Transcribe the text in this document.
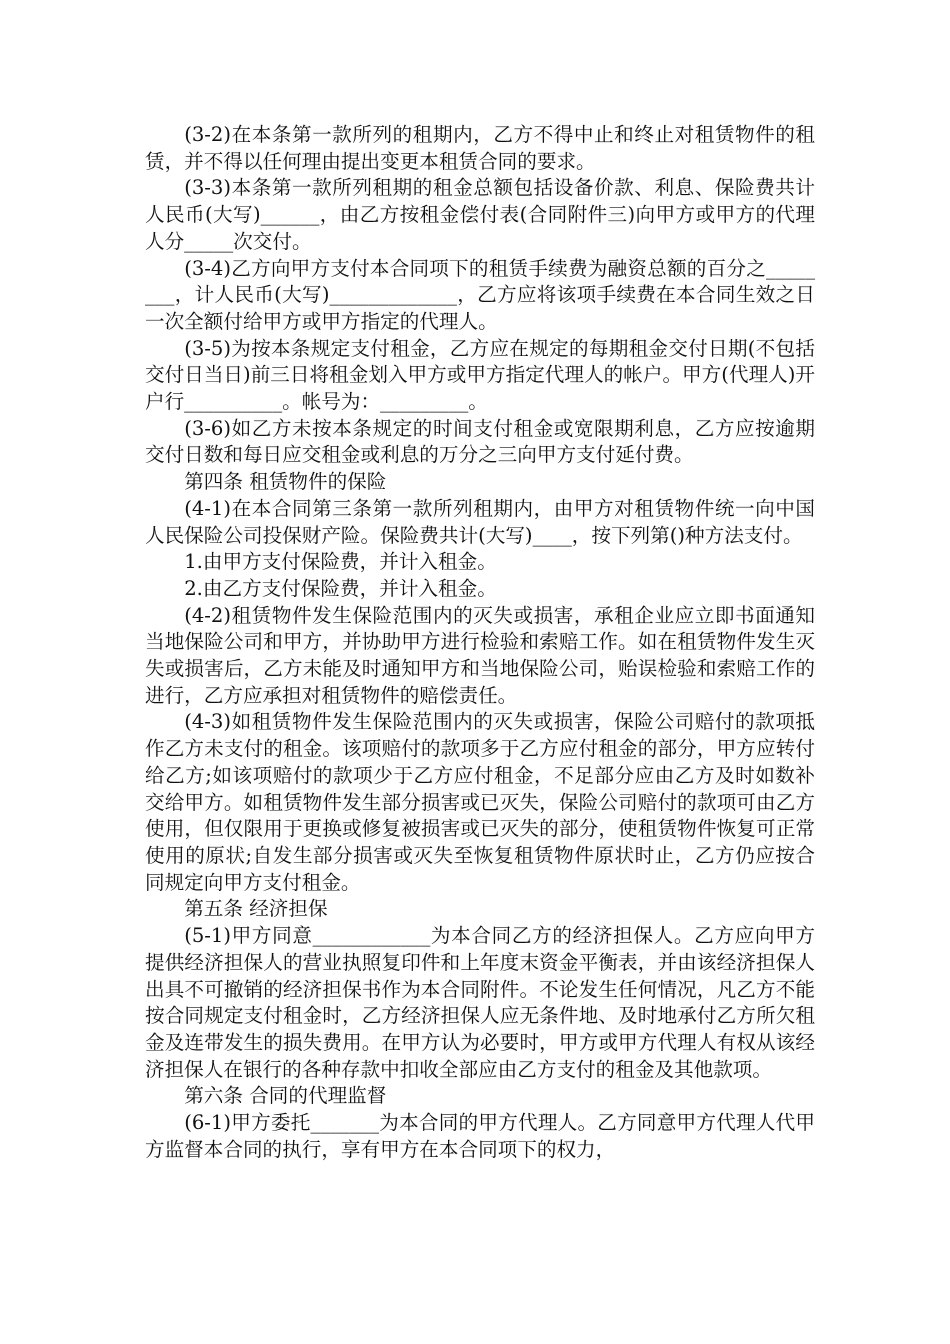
(3-2)在本条第一款所列的租期内，乙方不得中止和终止对租赁物件的租赁，并不得以任何理由提出变更本租赁合同的要求。

(3-3)本条第一款所列租期的租金总额包括设备价款、利息、保险费共计人民币(大写)______，由乙方按租金偿付表(合同附件三)向甲方或甲方的代理人分_____次交付。

(3-4)乙方向甲方支付本合同项下的租赁手续费为融资总额的百分之________，计人民币(大写)_____________，乙方应将该项手续费在本合同生效之日一次全额付给甲方或甲方指定的代理人。

(3-5)为按本条规定支付租金，乙方应在规定的每期租金交付日期(不包括交付日当日)前三日将租金划入甲方或甲方指定代理人的帐户。甲方(代理人)开户行__________。帐号为：_________。

(3-6)如乙方未按本条规定的时间支付租金或宽限期利息，乙方应按逾期交付日数和每日应交租金或利息的万分之三向甲方支付延付费。

第四条 租赁物件的保险

(4-1)在本合同第三条第一款所列租期内，由甲方对租赁物件统一向中国人民保险公司投保财产险。保险费共计(大写)____，按下列第()种方法支付。

1.由甲方支付保险费，并计入租金。

2.由乙方支付保险费，并计入租金。

(4-2)租赁物件发生保险范围内的灭失或损害，承租企业应立即书面通知当地保险公司和甲方，并协助甲方进行检验和索赔工作。如在租赁物件发生灭失或损害后，乙方未能及时通知甲方和当地保险公司，贻误检验和索赔工作的进行，乙方应承担对租赁物件的赔偿责任。

(4-3)如租赁物件发生保险范围内的灭失或损害，保险公司赔付的款项抵作乙方未支付的租金。该项赔付的款项多于乙方应付租金的部分，甲方应转付给乙方;如该项赔付的款项少于乙方应付租金，不足部分应由乙方及时如数补交给甲方。如租赁物件发生部分损害或已灭失，保险公司赔付的款项可由乙方使用，但仅限用于更换或修复被损害或已灭失的部分，使租赁物件恢复可正常使用的原状;自发生部分损害或灭失至恢复租赁物件原状时止，乙方仍应按合同规定向甲方支付租金。

第五条 经济担保

(5-1)甲方同意____________为本合同乙方的经济担保人。乙方应向甲方提供经济担保人的营业执照复印件和上年度末资金平衡表，并由该经济担保人出具不可撤销的经济担保书作为本合同附件。不论发生任何情况，凡乙方不能按合同规定支付租金时，乙方经济担保人应无条件地、及时地承付乙方所欠租金及连带发生的损失费用。在甲方认为必要时，甲方或甲方代理人有权从该经济担保人在银行的各种存款中扣收全部应由乙方支付的租金及其他款项。

第六条 合同的代理监督

(6-1)甲方委托_______为本合同的甲方代理人。乙方同意甲方代理人代甲方监督本合同的执行，享有甲方在本合同项下的权力，
